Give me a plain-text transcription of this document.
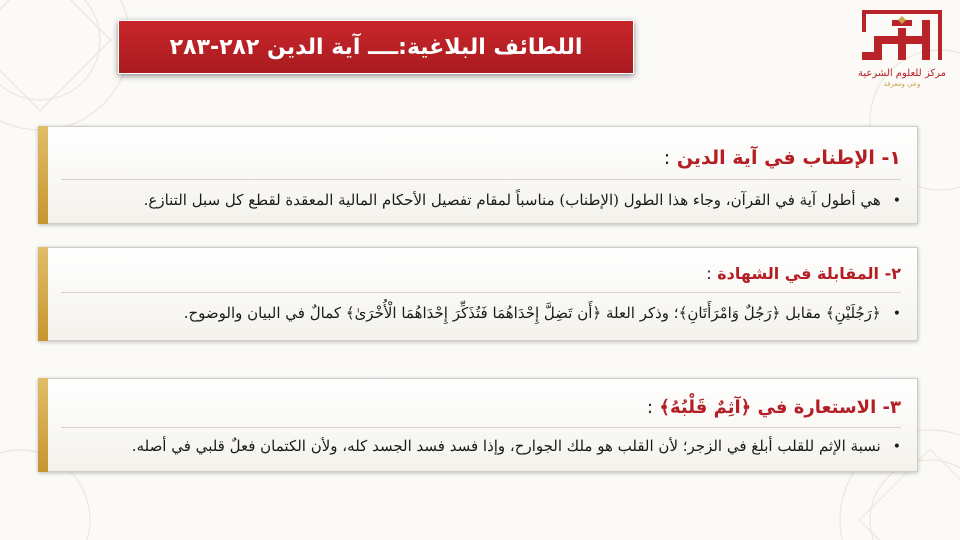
اللطائف البلاغية:ــــ آية الدين ٢٨٢-٢٨٣
مركز للعلوم الشرعية
وعي ومعرفة
١- الإطناب في آية الدين :
•هي أطول آية في القرآن، وجاء هذا الطول (الإطناب) مناسباً لمقام تفصيل الأحكام المالية المعقدة لقطع كل سبل التنازع.
٢- المقابلة في الشهادة :
•﴿رَجُلَيْنِ﴾ مقابل ﴿رَجُلٌ وَامْرَأَتَانِ﴾؛ وذكر العلة ﴿أَن تَضِلَّ إِحْدَاهُمَا فَتُذَكِّرَ إِحْدَاهُمَا الْأُخْرَىٰ﴾ كمالٌ في البيان والوضوح.
٣- الاستعارة في ﴿آثِمٌ قَلْبُهُ﴾ :
•نسبة الإثم للقلب أبلغ في الزجر؛ لأن القلب هو ملك الجوارح، وإذا فسد فسد الجسد كله، ولأن الكتمان فعلٌ قلبي في أصله.
